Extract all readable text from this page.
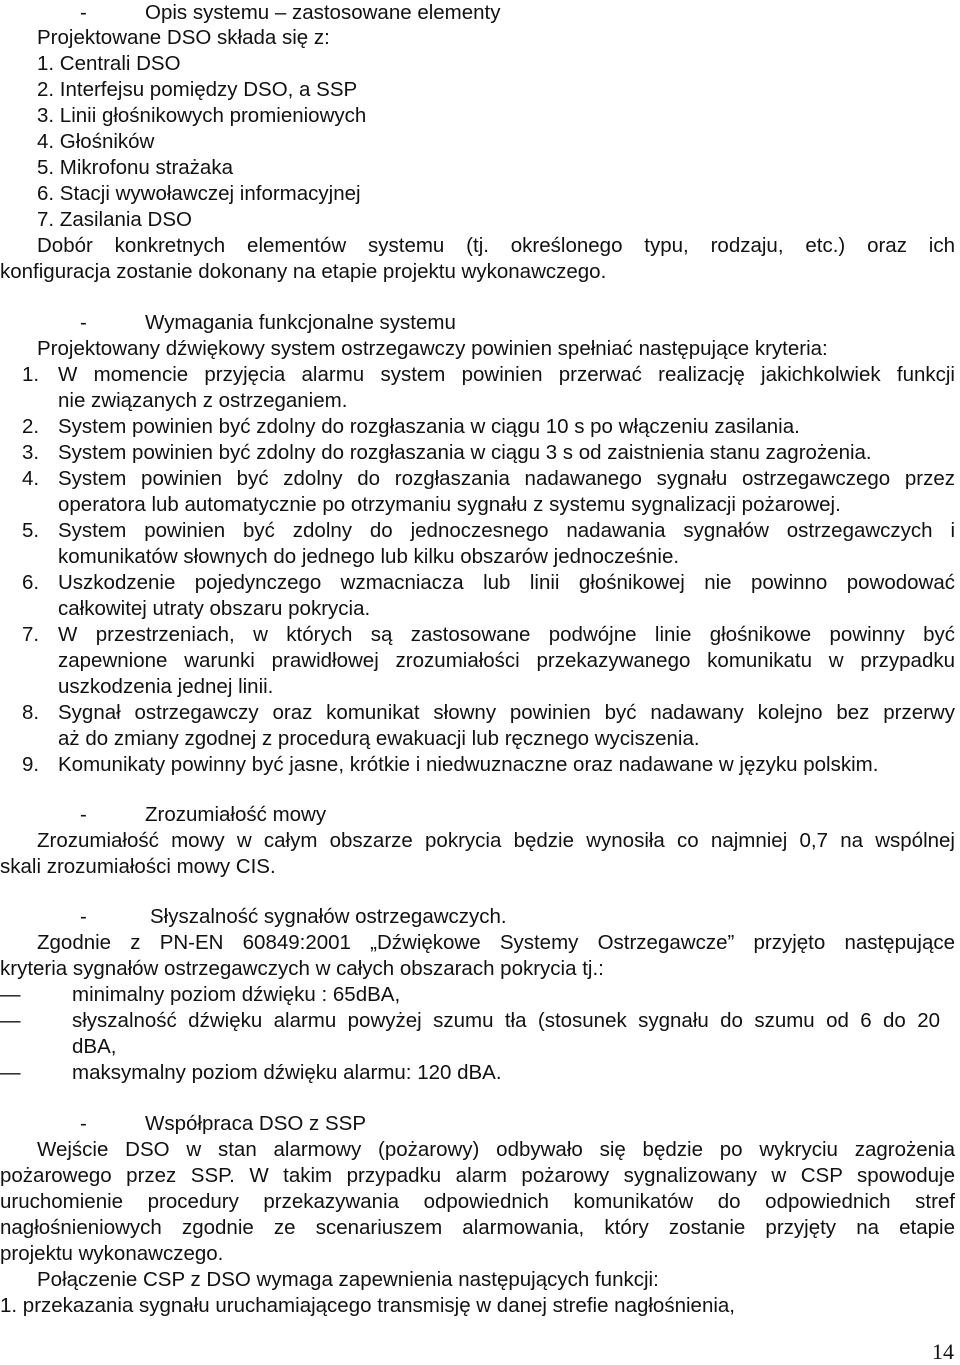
-	Opis systemu – zastosowane elementy
Projektowane DSO składa się z:
1. Centrali DSO
2. Interfejsu pomiędzy DSO, a SSP
3. Linii głośnikowych promieniowych
4. Głośników
5. Mikrofonu strażaka
6. Stacji wywoławczej informacyjnej
7. Zasilania DSO
Dobór konkretnych elementów systemu (tj. określonego typu, rodzaju, etc.) oraz ich
konfiguracja zostanie dokonany na etapie projektu wykonawczego.
-	Wymagania funkcjonalne systemu
Projektowany dźwiękowy system ostrzegawczy powinien spełniać następujące kryteria:
1. W momencie przyjęcia alarmu system powinien przerwać realizację jakichkolwiek funkcji
nie związanych z ostrzeganiem.
2. System powinien być zdolny do rozgłaszania w ciągu 10 s po włączeniu zasilania.
3. System powinien być zdolny do rozgłaszania w ciągu 3 s od zaistnienia stanu zagrożenia.
4. System powinien być zdolny do rozgłaszania nadawanego sygnału ostrzegawczego przez
operatora lub automatycznie po otrzymaniu sygnału z systemu sygnalizacji pożarowej.
5. System powinien być zdolny do jednoczesnego nadawania sygnałów ostrzegawczych i
komunikatów słownych do jednego lub kilku obszarów jednocześnie.
6. Uszkodzenie pojedynczego wzmacniacza lub linii głośnikowej nie powinno powodować
całkowitej utraty obszaru pokrycia.
7. W przestrzeniach, w których są zastosowane podwójne linie głośnikowe powinny być
zapewnione warunki prawidłowej zrozumiałości przekazywanego komunikatu w przypadku
uszkodzenia jednej linii.
8. Sygnał ostrzegawczy oraz komunikat słowny powinien być nadawany kolejno bez przerwy
aż do zmiany zgodnej z procedurą ewakuacji lub ręcznego wyciszenia.
9. Komunikaty powinny być jasne, krótkie i niedwuznaczne oraz nadawane w języku polskim.
-	Zrozumiałość mowy
Zrozumiałość mowy w całym obszarze pokrycia będzie wynosiła co najmniej 0,7 na wspólnej
skali zrozumiałości mowy CIS.
-	Słyszalność sygnałów ostrzegawczych.
Zgodnie z PN-EN 60849:2001 „Dźwiękowe Systemy Ostrzegawcze” przyjęto następujące
kryteria sygnałów ostrzegawczych w całych obszarach pokrycia tj.:
—	minimalny poziom dźwięku : 65dBA,
—	słyszalność dźwięku alarmu powyżej szumu tła (stosunek sygnału do szumu od 6 do 20
dBA,
—	maksymalny poziom dźwięku alarmu: 120 dBA.
-	Współpraca DSO z SSP
Wejście DSO w stan alarmowy (pożarowy) odbywało się będzie po wykryciu zagrożenia
pożarowego przez SSP. W takim przypadku alarm pożarowy sygnalizowany w CSP spowoduje
uruchomienie procedury przekazywania odpowiednich komunikatów do odpowiednich stref
nagłośnieniowych zgodnie ze scenariuszem alarmowania, który zostanie przyjęty na etapie
projektu wykonawczego.
Połączenie CSP z DSO wymaga zapewnienia następujących funkcji:
1. przekazania sygnału uruchamiającego transmisję w danej strefie nagłośnienia,
14
